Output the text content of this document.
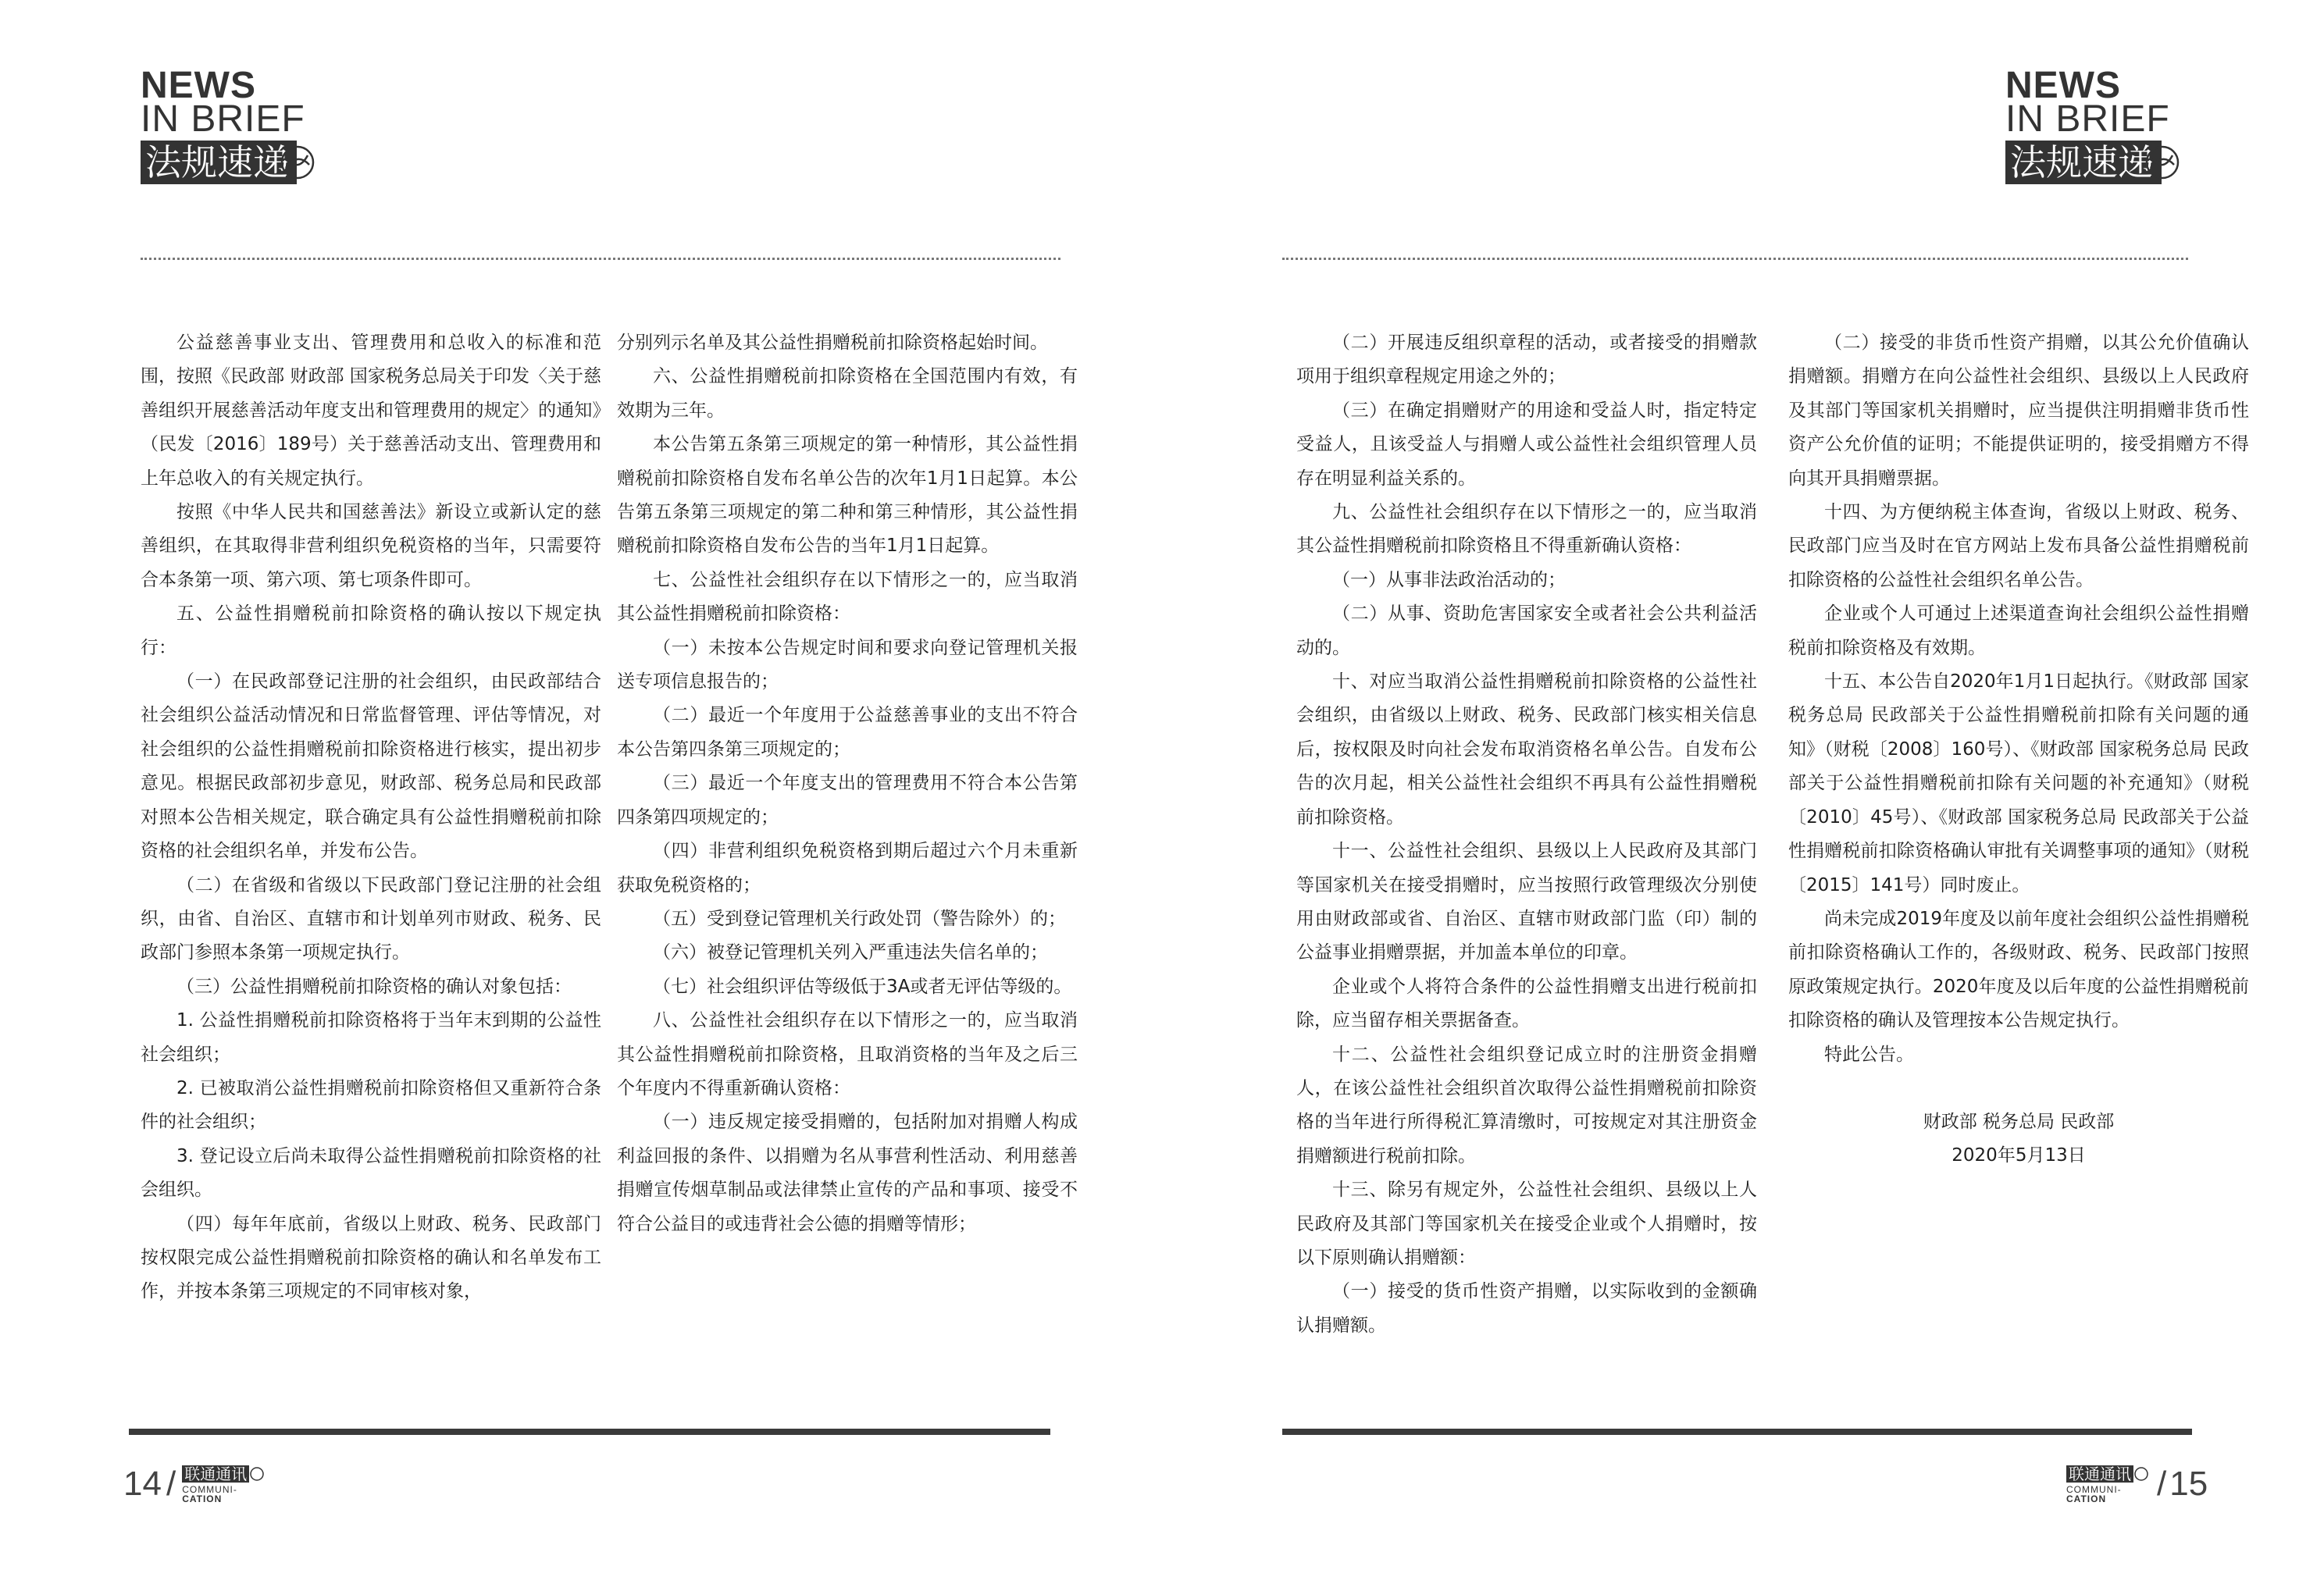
NEWS
IN BRIEF
法规速递

公益慈善事业支出、管理费用和总收入的标准和范围，按照《民政部 财政部 国家税务总局关于印发〈关于慈善组织开展慈善活动年度支出和管理费用的规定〉的通知》（民发〔2016〕189号）关于慈善活动支出、管理费用和上年总收入的有关规定执行。

按照《中华人民共和国慈善法》新设立或新认定的慈善组织，在其取得非营利组织免税资格的当年，只需要符合本条第一项、第六项、第七项条件即可。

五、公益性捐赠税前扣除资格的确认按以下规定执行：

（一）在民政部登记注册的社会组织，由民政部结合社会组织公益活动情况和日常监督管理、评估等情况，对社会组织的公益性捐赠税前扣除资格进行核实，提出初步意见。根据民政部初步意见，财政部、税务总局和民政部对照本公告相关规定，联合确定具有公益性捐赠税前扣除资格的社会组织名单，并发布公告。

（二）在省级和省级以下民政部门登记注册的社会组织，由省、自治区、直辖市和计划单列市财政、税务、民政部门参照本条第一项规定执行。

（三）公益性捐赠税前扣除资格的确认对象包括：

1. 公益性捐赠税前扣除资格将于当年末到期的公益性社会组织；

2. 已被取消公益性捐赠税前扣除资格但又重新符合条件的社会组织；

3. 登记设立后尚未取得公益性捐赠税前扣除资格的社会组织。

（四）每年年底前，省级以上财政、税务、民政部门按权限完成公益性捐赠税前扣除资格的确认和名单发布工作，并按本条第三项规定的不同审核对象，

分别列示名单及其公益性捐赠税前扣除资格起始时间。

六、公益性捐赠税前扣除资格在全国范围内有效，有效期为三年。

本公告第五条第三项规定的第一种情形，其公益性捐赠税前扣除资格自发布名单公告的次年1月1日起算。本公告第五条第三项规定的第二种和第三种情形，其公益性捐赠税前扣除资格自发布公告的当年1月1日起算。

七、公益性社会组织存在以下情形之一的，应当取消其公益性捐赠税前扣除资格：

（一）未按本公告规定时间和要求向登记管理机关报送专项信息报告的；

（二）最近一个年度用于公益慈善事业的支出不符合本公告第四条第三项规定的；

（三）最近一个年度支出的管理费用不符合本公告第四条第四项规定的；

（四）非营利组织免税资格到期后超过六个月未重新获取免税资格的；

（五）受到登记管理机关行政处罚（警告除外）的；

（六）被登记管理机关列入严重违法失信名单的；

（七）社会组织评估等级低于3A或者无评估等级的。

八、公益性社会组织存在以下情形之一的，应当取消其公益性捐赠税前扣除资格，且取消资格的当年及之后三个年度内不得重新确认资格：

（一）违反规定接受捐赠的，包括附加对捐赠人构成利益回报的条件、以捐赠为名从事营利性活动、利用慈善捐赠宣传烟草制品或法律禁止宣传的产品和事项、接受不符合公益目的或违背社会公德的捐赠等情形；

14 / 联通通讯
COMMUNI-
CATION
NEWS
IN BRIEF
法规速递

（二）开展违反组织章程的活动，或者接受的捐赠款项用于组织章程规定用途之外的；

（三）在确定捐赠财产的用途和受益人时，指定特定受益人，且该受益人与捐赠人或公益性社会组织管理人员存在明显利益关系的。

九、公益性社会组织存在以下情形之一的，应当取消其公益性捐赠税前扣除资格且不得重新确认资格：

（一）从事非法政治活动的；

（二）从事、资助危害国家安全或者社会公共利益活动的。

十、对应当取消公益性捐赠税前扣除资格的公益性社会组织，由省级以上财政、税务、民政部门核实相关信息后，按权限及时向社会发布取消资格名单公告。自发布公告的次月起，相关公益性社会组织不再具有公益性捐赠税前扣除资格。

十一、公益性社会组织、县级以上人民政府及其部门等国家机关在接受捐赠时，应当按照行政管理级次分别使用由财政部或省、自治区、直辖市财政部门监（印）制的公益事业捐赠票据，并加盖本单位的印章。

企业或个人将符合条件的公益性捐赠支出进行税前扣除，应当留存相关票据备查。

十二、公益性社会组织登记成立时的注册资金捐赠人，在该公益性社会组织首次取得公益性捐赠税前扣除资格的当年进行所得税汇算清缴时，可按规定对其注册资金捐赠额进行税前扣除。

十三、除另有规定外，公益性社会组织、县级以上人民政府及其部门等国家机关在接受企业或个人捐赠时，按以下原则确认捐赠额：

（一）接受的货币性资产捐赠，以实际收到的金额确认捐赠额。

（二）接受的非货币性资产捐赠，以其公允价值确认捐赠额。捐赠方在向公益性社会组织、县级以上人民政府及其部门等国家机关捐赠时，应当提供注明捐赠非货币性资产公允价值的证明；不能提供证明的，接受捐赠方不得向其开具捐赠票据。

十四、为方便纳税主体查询，省级以上财政、税务、民政部门应当及时在官方网站上发布具备公益性捐赠税前扣除资格的公益性社会组织名单公告。

企业或个人可通过上述渠道查询社会组织公益性捐赠税前扣除资格及有效期。

十五、本公告自2020年1月1日起执行。《财政部 国家税务总局 民政部关于公益性捐赠税前扣除有关问题的通知》（财税〔2008〕160号）、《财政部 国家税务总局 民政部关于公益性捐赠税前扣除有关问题的补充通知》（财税〔2010〕45号）、《财政部 国家税务总局 民政部关于公益性捐赠税前扣除资格确认审批有关调整事项的通知》（财税〔2015〕141号）同时废止。

尚未完成2019年度及以前年度社会组织公益性捐赠税前扣除资格确认工作的，各级财政、税务、民政部门按照原政策规定执行。2020年度及以后年度的公益性捐赠税前扣除资格的确认及管理按本公告规定执行。

特此公告。

财政部 税务总局 民政部

2020年5月13日

联通通讯
COMMUNI-
CATION	/ 15
